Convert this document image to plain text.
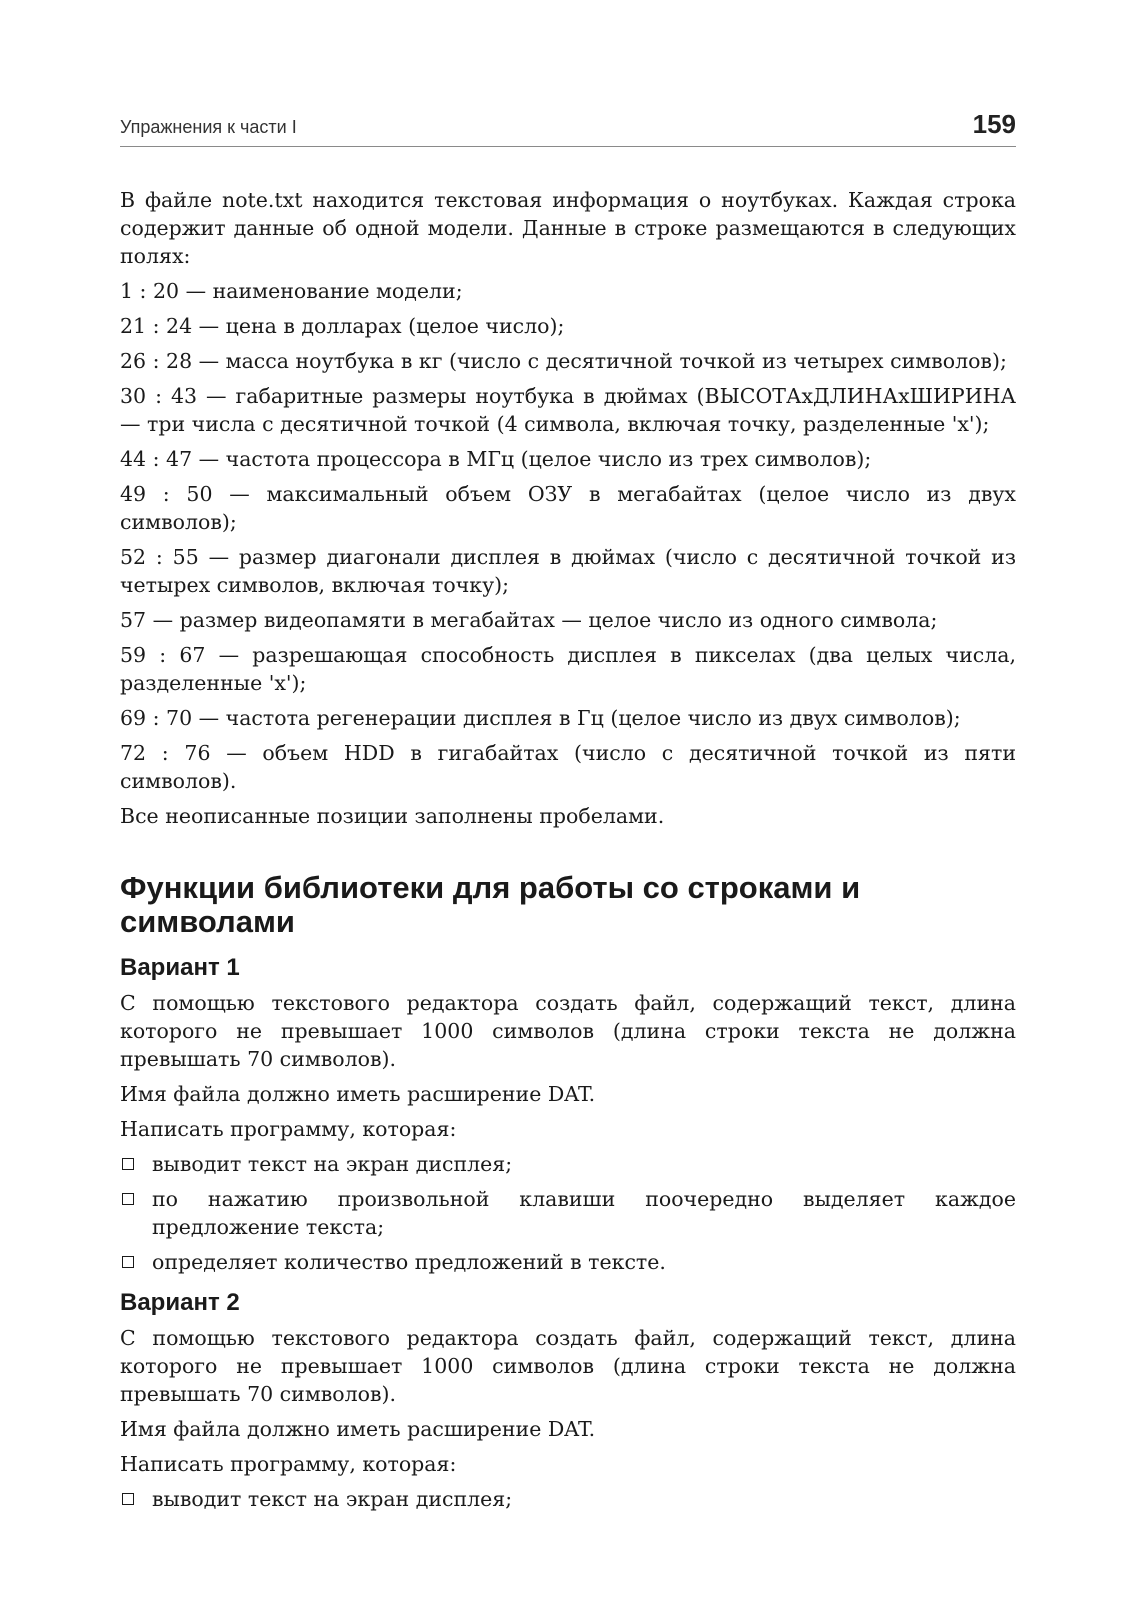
Упражнения к части I	159

В файле note.txt находится текстовая информация о ноутбуках. Каждая строка содержит данные об одной модели. Данные в строке размещаются в следующих полях:

1 : 20 — наименование модели;
21 : 24 — цена в долларах (целое число);
26 : 28 — масса ноутбука в кг (число с десятичной точкой из четырех символов);
30 : 43 — габаритные размеры ноутбука в дюймах (ВЫСОТАхДЛИНАхШИРИНА — три числа с десятичной точкой (4 символа, включая точку, разделенные 'x');
44 : 47 — частота процессора в МГц (целое число из трех символов);
49 : 50 — максимальный объем ОЗУ в мегабайтах (целое число из двух символов);
52 : 55 — размер диагонали дисплея в дюймах (число с десятичной точкой из четырех символов, включая точку);
57 — размер видеопамяти в мегабайтах — целое число из одного символа;
59 : 67 — разрешающая способность дисплея в пикселах (два целых числа, разделенные 'x');
69 : 70 — частота регенерации дисплея в Гц (целое число из двух символов);
72 : 76 — объем HDD в гигабайтах (число с десятичной точкой из пяти символов).

Все неописанные позиции заполнены пробелами.

Функции библиотеки для работы со строками и символами
Вариант 1

С помощью текстового редактора создать файл, содержащий текст, длина которого не превышает 1000 символов (длина строки текста не должна превышать 70 символов).

Имя файла должно иметь расширение DAT.

Написать программу, которая:

выводит текст на экран дисплея;
по нажатию произвольной клавиши поочередно выделяет каждое предложение текста;
определяет количество предложений в тексте.
Вариант 2

С помощью текстового редактора создать файл, содержащий текст, длина которого не превышает 1000 символов (длина строки текста не должна превышать 70 символов).

Имя файла должно иметь расширение DAT.

Написать программу, которая:

выводит текст на экран дисплея;
